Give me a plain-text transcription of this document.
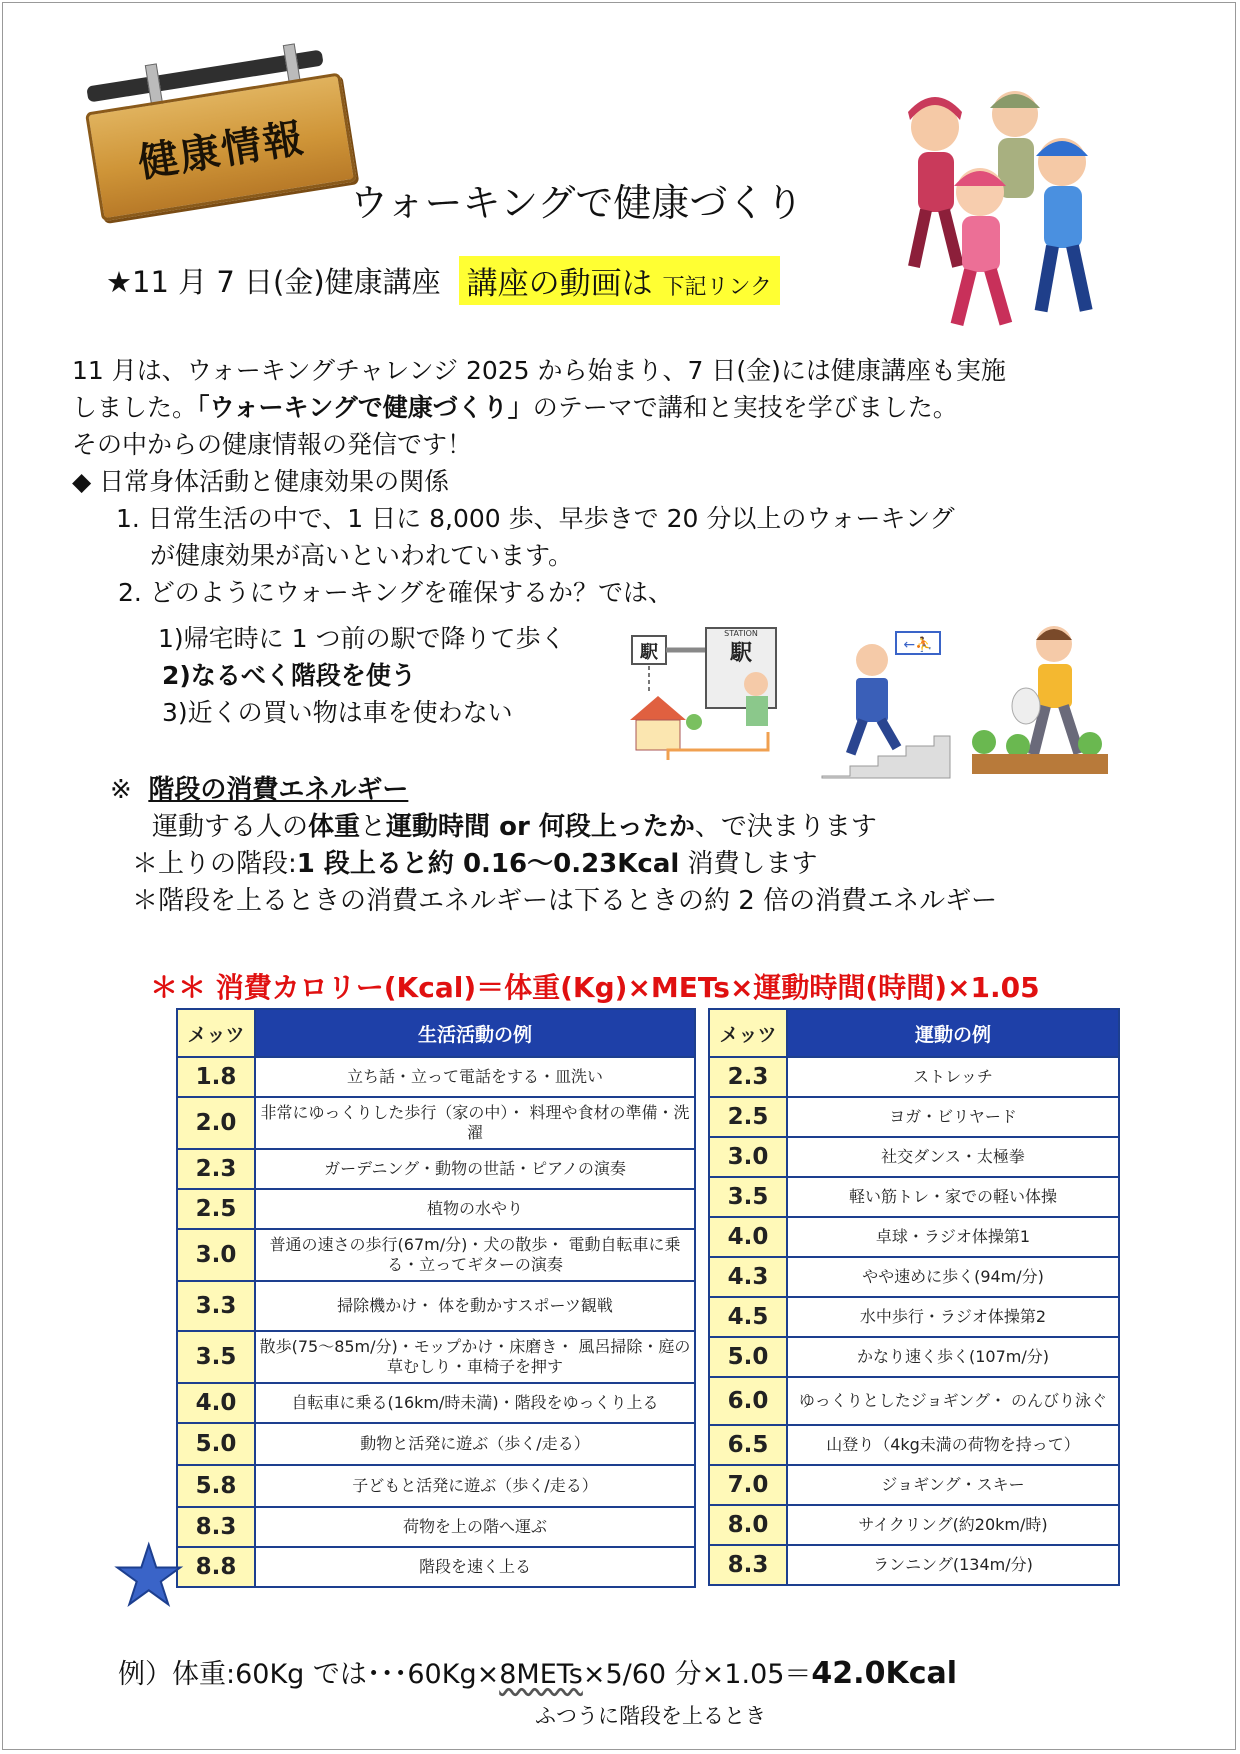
健康情報
ウォーキングで健康づくり
★11 月 7 日(金)健康講座 講座の動画は 下記リンク
11 月は、ウォーキングチャレンジ 2025 から始まり、7 日(金)には健康講座も実施
しました。「ウォーキングで健康づくり」のテーマで講和と実技を学びました。
その中からの健康情報の発信です！
◆ 日常身体活動と健康効果の関係
1. 日常生活の中で、1 日に 8,000 歩、早歩きで 20 分以上のウォーキング
が健康効果が高いといわれています。
2. どのようにウォーキングを確保するか？では、
1)帰宅時に 1 つ前の駅で降りて歩く
2)なるべく階段を使う
3)近くの買い物は車を使わない
駅
STATION
駅	←⛹
※ 階段の消費エネルギー
運動する人の体重と運動時間 or 何段上ったか、で決まります
＊上りの階段:1 段上ると約 0.16～0.23Kcal 消費します
＊階段を上るときの消費エネルギーは下るときの約 2 倍の消費エネルギー
＊＊ 消費カロリー(Kcal)＝体重(Kg)×METs×運動時間(時間)×1.05
メッツ	生活活動の例
1.8	立ち話・立って電話をする・皿洗い
2.0	非常にゆっくりした歩行（家の中）・ 料理や食材の準備・洗濯
2.3	ガーデニング・動物の世話・ピアノの演奏
2.5	植物の水やり
3.0	普通の速さの歩行(67m/分)・犬の散歩・ 電動自転車に乗る・立ってギターの演奏
3.3	掃除機かけ・ 体を動かすスポーツ観戦
3.5	散歩(75～85m/分)・モップかけ・床磨き・ 風呂掃除・庭の草むしり・車椅子を押す
4.0	自転車に乗る(16km/時未満)・階段をゆっくり上る
5.0	動物と活発に遊ぶ（歩く/走る）
5.8	子どもと活発に遊ぶ（歩く/走る）
8.3	荷物を上の階へ運ぶ
8.8	階段を速く上る
メッツ	運動の例
2.3	ストレッチ
2.5	ヨガ・ビリヤード
3.0	社交ダンス・太極拳
3.5	軽い筋トレ・家での軽い体操
4.0	卓球・ラジオ体操第1
4.3	やや速めに歩く(94m/分)
4.5	水中歩行・ラジオ体操第2
5.0	かなり速く歩く(107m/分)
6.0	ゆっくりとしたジョギング・ のんびり泳ぐ
6.5	山登り（4kg未満の荷物を持って）
7.0	ジョギング・スキー
8.0	サイクリング(約20km/時)
8.3	ランニング(134m/分)
★
例）体重:60Kg では･･･60Kg×8METs×5/60 分×1.05＝42.0Kcal
ふつうに階段を上るとき
